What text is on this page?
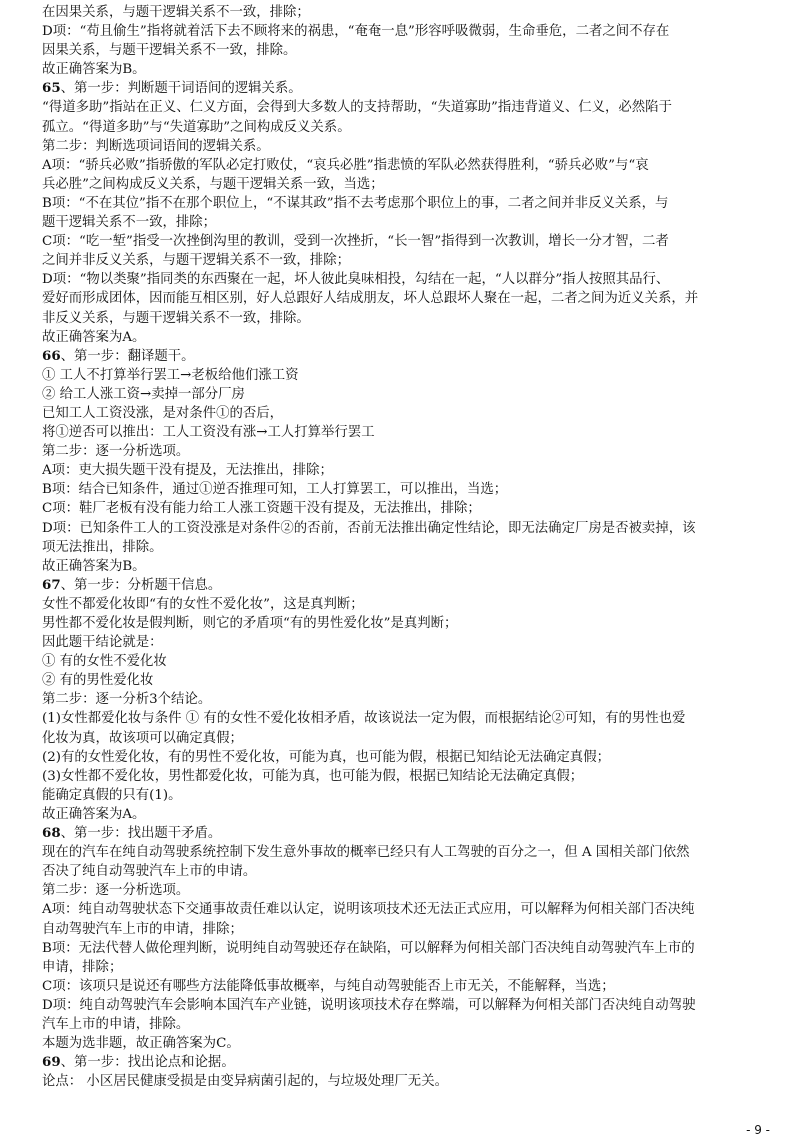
在因果关系，与题干逻辑关系不一致，排除；
D项：“苟且偷生”指将就着活下去不顾将来的祸患，“奄奄一息”形容呼吸微弱，生命垂危，二者之间不存在
因果关系，与题干逻辑关系不一致，排除。
故正确答案为B。
65、第一步：判断题干词语间的逻辑关系。
“得道多助”指站在正义、仁义方面，会得到大多数人的支持帮助，“失道寡助”指违背道义、仁义，必然陷于
孤立。“得道多助”与“失道寡助”之间构成反义关系。
第二步：判断选项词语间的逻辑关系。
A项：“骄兵必败”指骄傲的军队必定打败仗，“哀兵必胜”指悲愤的军队必然获得胜利，“骄兵必败”与“哀
兵必胜”之间构成反义关系，与题干逻辑关系一致，当选；
B项：“不在其位”指不在那个职位上，“不谋其政”指不去考虑那个职位上的事，二者之间并非反义关系，与
题干逻辑关系不一致，排除；
C项：“吃一堑”指受一次挫倒沟里的教训，受到一次挫折，“长一智”指得到一次教训，增长一分才智，二者
之间并非反义关系，与题干逻辑关系不一致，排除；
D项：“物以类聚”指同类的东西聚在一起，坏人彼此臭味相投，勾结在一起，“人以群分”指人按照其品行、
爱好而形成团体，因而能互相区别，好人总跟好人结成朋友，坏人总跟坏人聚在一起，二者之间为近义关系，并
非反义关系，与题干逻辑关系不一致，排除。
故正确答案为A。
66、第一步：翻译题干。
① 工人不打算举行罢工→老板给他们涨工资
② 给工人涨工资→卖掉一部分厂房
已知工人工资没涨，是对条件①的否后，
将①逆否可以推出：工人工资没有涨→工人打算举行罢工
第二步：逐一分析选项。
A项：吏大损失题干没有提及，无法推出，排除；
B项：结合已知条件，通过①逆否推理可知，工人打算罢工，可以推出，当选；
C项：鞋厂老板有没有能力给工人涨工资题干没有提及，无法推出，排除；
D项：已知条件工人的工资没涨是对条件②的否前，否前无法推出确定性结论，即无法确定厂房是否被卖掉，该
项无法推出，排除。
故正确答案为B。
67、第一步：分析题干信息。
女性不都爱化妆即“有的女性不爱化妆”，这是真判断；
男性都不爱化妆是假判断，则它的矛盾项“有的男性爱化妆”是真判断；
因此题干结论就是：
① 有的女性不爱化妆
② 有的男性爱化妆
第二步：逐一分析3个结论。
(1)女性都爱化妆与条件 ① 有的女性不爱化妆相矛盾，故该说法一定为假，而根据结论②可知，有的男性也爱
化妆为真，故该项可以确定真假；
(2)有的女性爱化妆，有的男性不爱化妆，可能为真，也可能为假，根据已知结论无法确定真假；
(3)女性都不爱化妆，男性都爱化妆，可能为真，也可能为假，根据已知结论无法确定真假；
能确定真假的只有(1)。
故正确答案为A。
68、第一步：找出题干矛盾。
现在的汽车在纯自动驾驶系统控制下发生意外事故的概率已经只有人工驾驶的百分之一，但 A 国相关部门依然
否决了纯自动驾驶汽车上市的申请。
第二步：逐一分析选项。
A项：纯自动驾驶状态下交通事故责任难以认定，说明该项技术还无法正式应用，可以解释为何相关部门否决纯
自动驾驶汽车上市的申请，排除；
B项：无法代替人做伦理判断，说明纯自动驾驶还存在缺陷，可以解释为何相关部门否决纯自动驾驶汽车上市的
申请，排除；
C项：该项只是说还有哪些方法能降低事故概率，与纯自动驾驶能否上市无关，不能解释，当选；
D项：纯自动驾驶汽车会影响本国汽车产业链，说明该项技术存在弊端，可以解释为何相关部门否决纯自动驾驶
汽车上市的申请，排除。
本题为选非题，故正确答案为C。
69、第一步：找出论点和论据。
论点： 小区居民健康受损是由变异病菌引起的，与垃圾处理厂无关。
- 9 -
